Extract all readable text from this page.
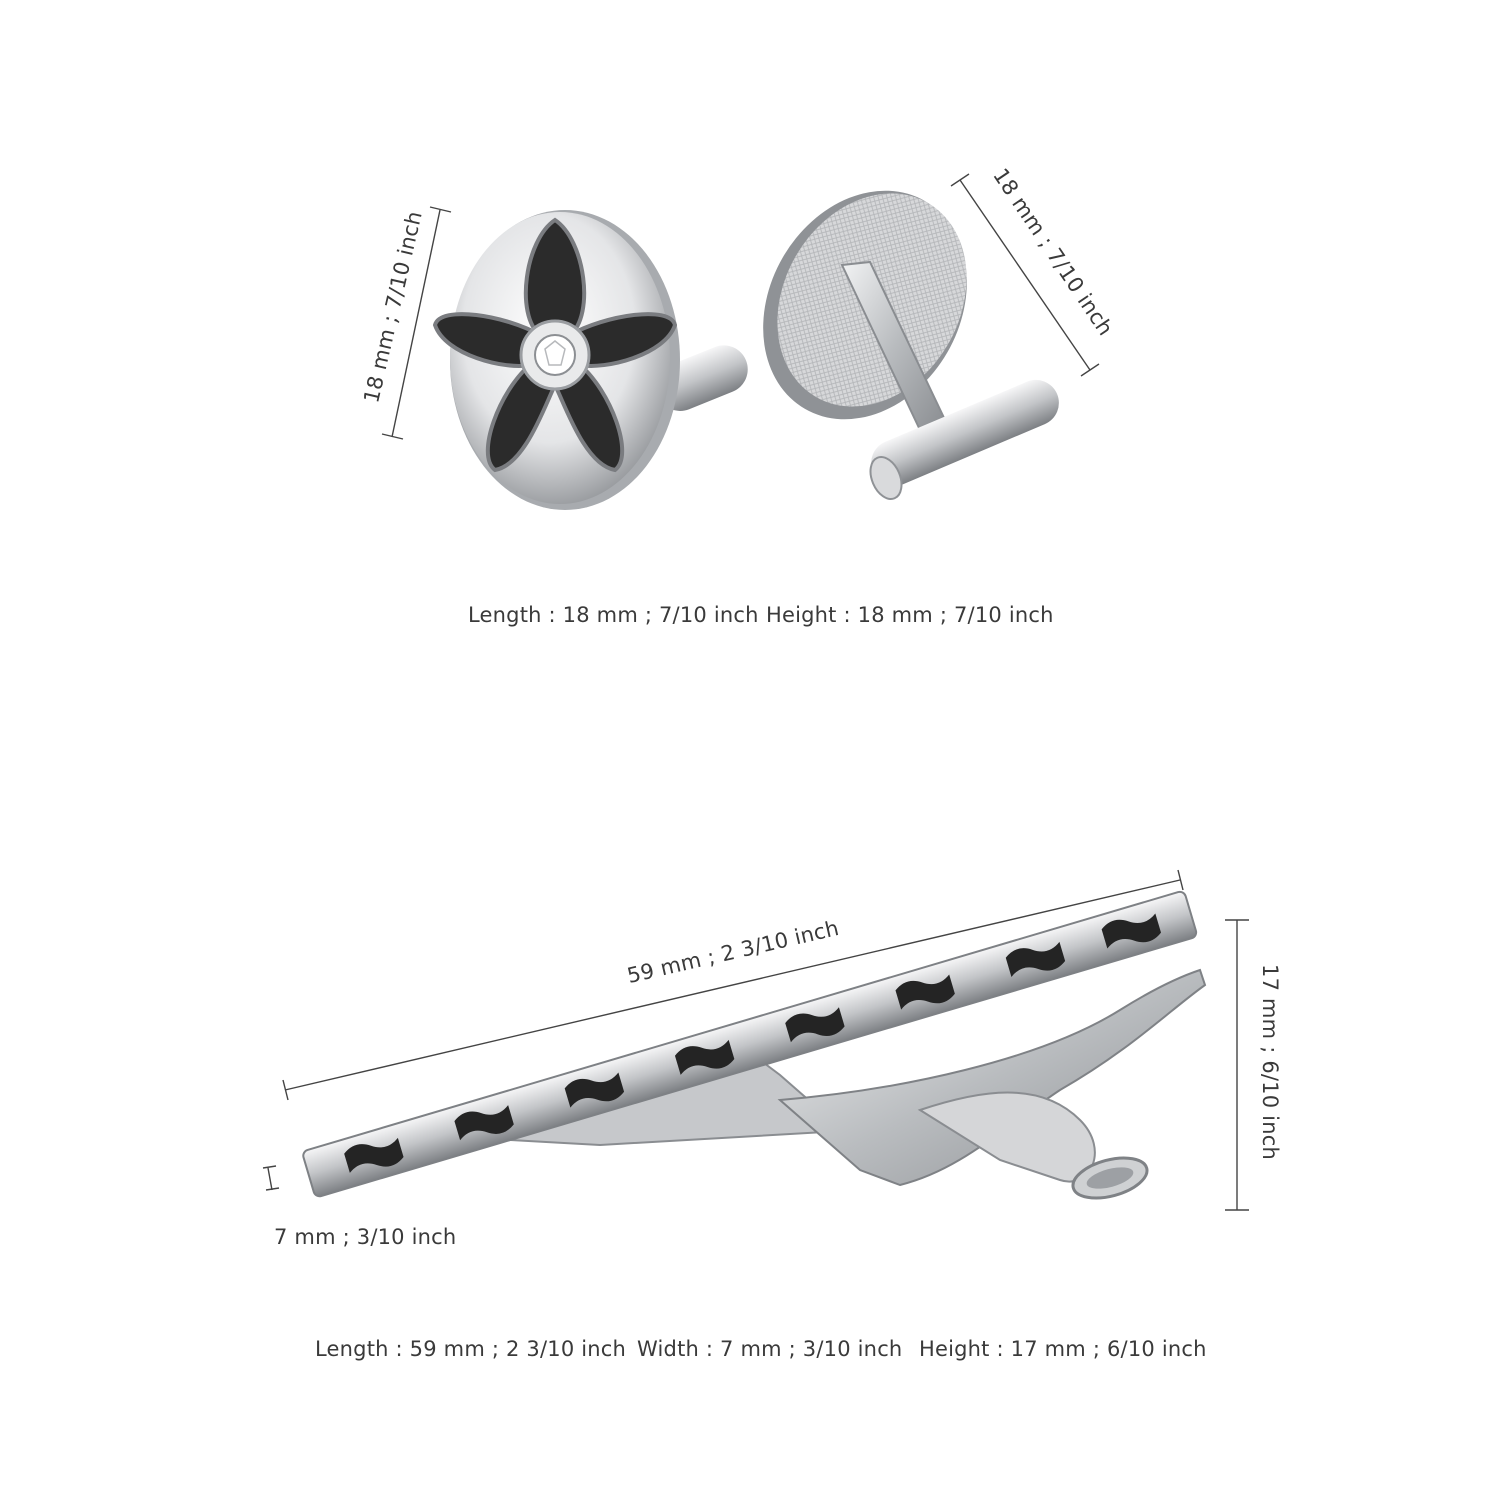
18 mm ; 7/10 inch	18 mm ; 7/10 inch
Length : 18 mm ; 7/10 inch Height : 18 mm ; 7/10 inch
59 mm ; 2 3/10 inch
17 mm ; 6/10 inch
7 mm ; 3/10 inch
Length : 59 mm ; 2 3/10 inch Width : 7 mm ; 3/10 inch Height : 17 mm ; 6/10 inch
